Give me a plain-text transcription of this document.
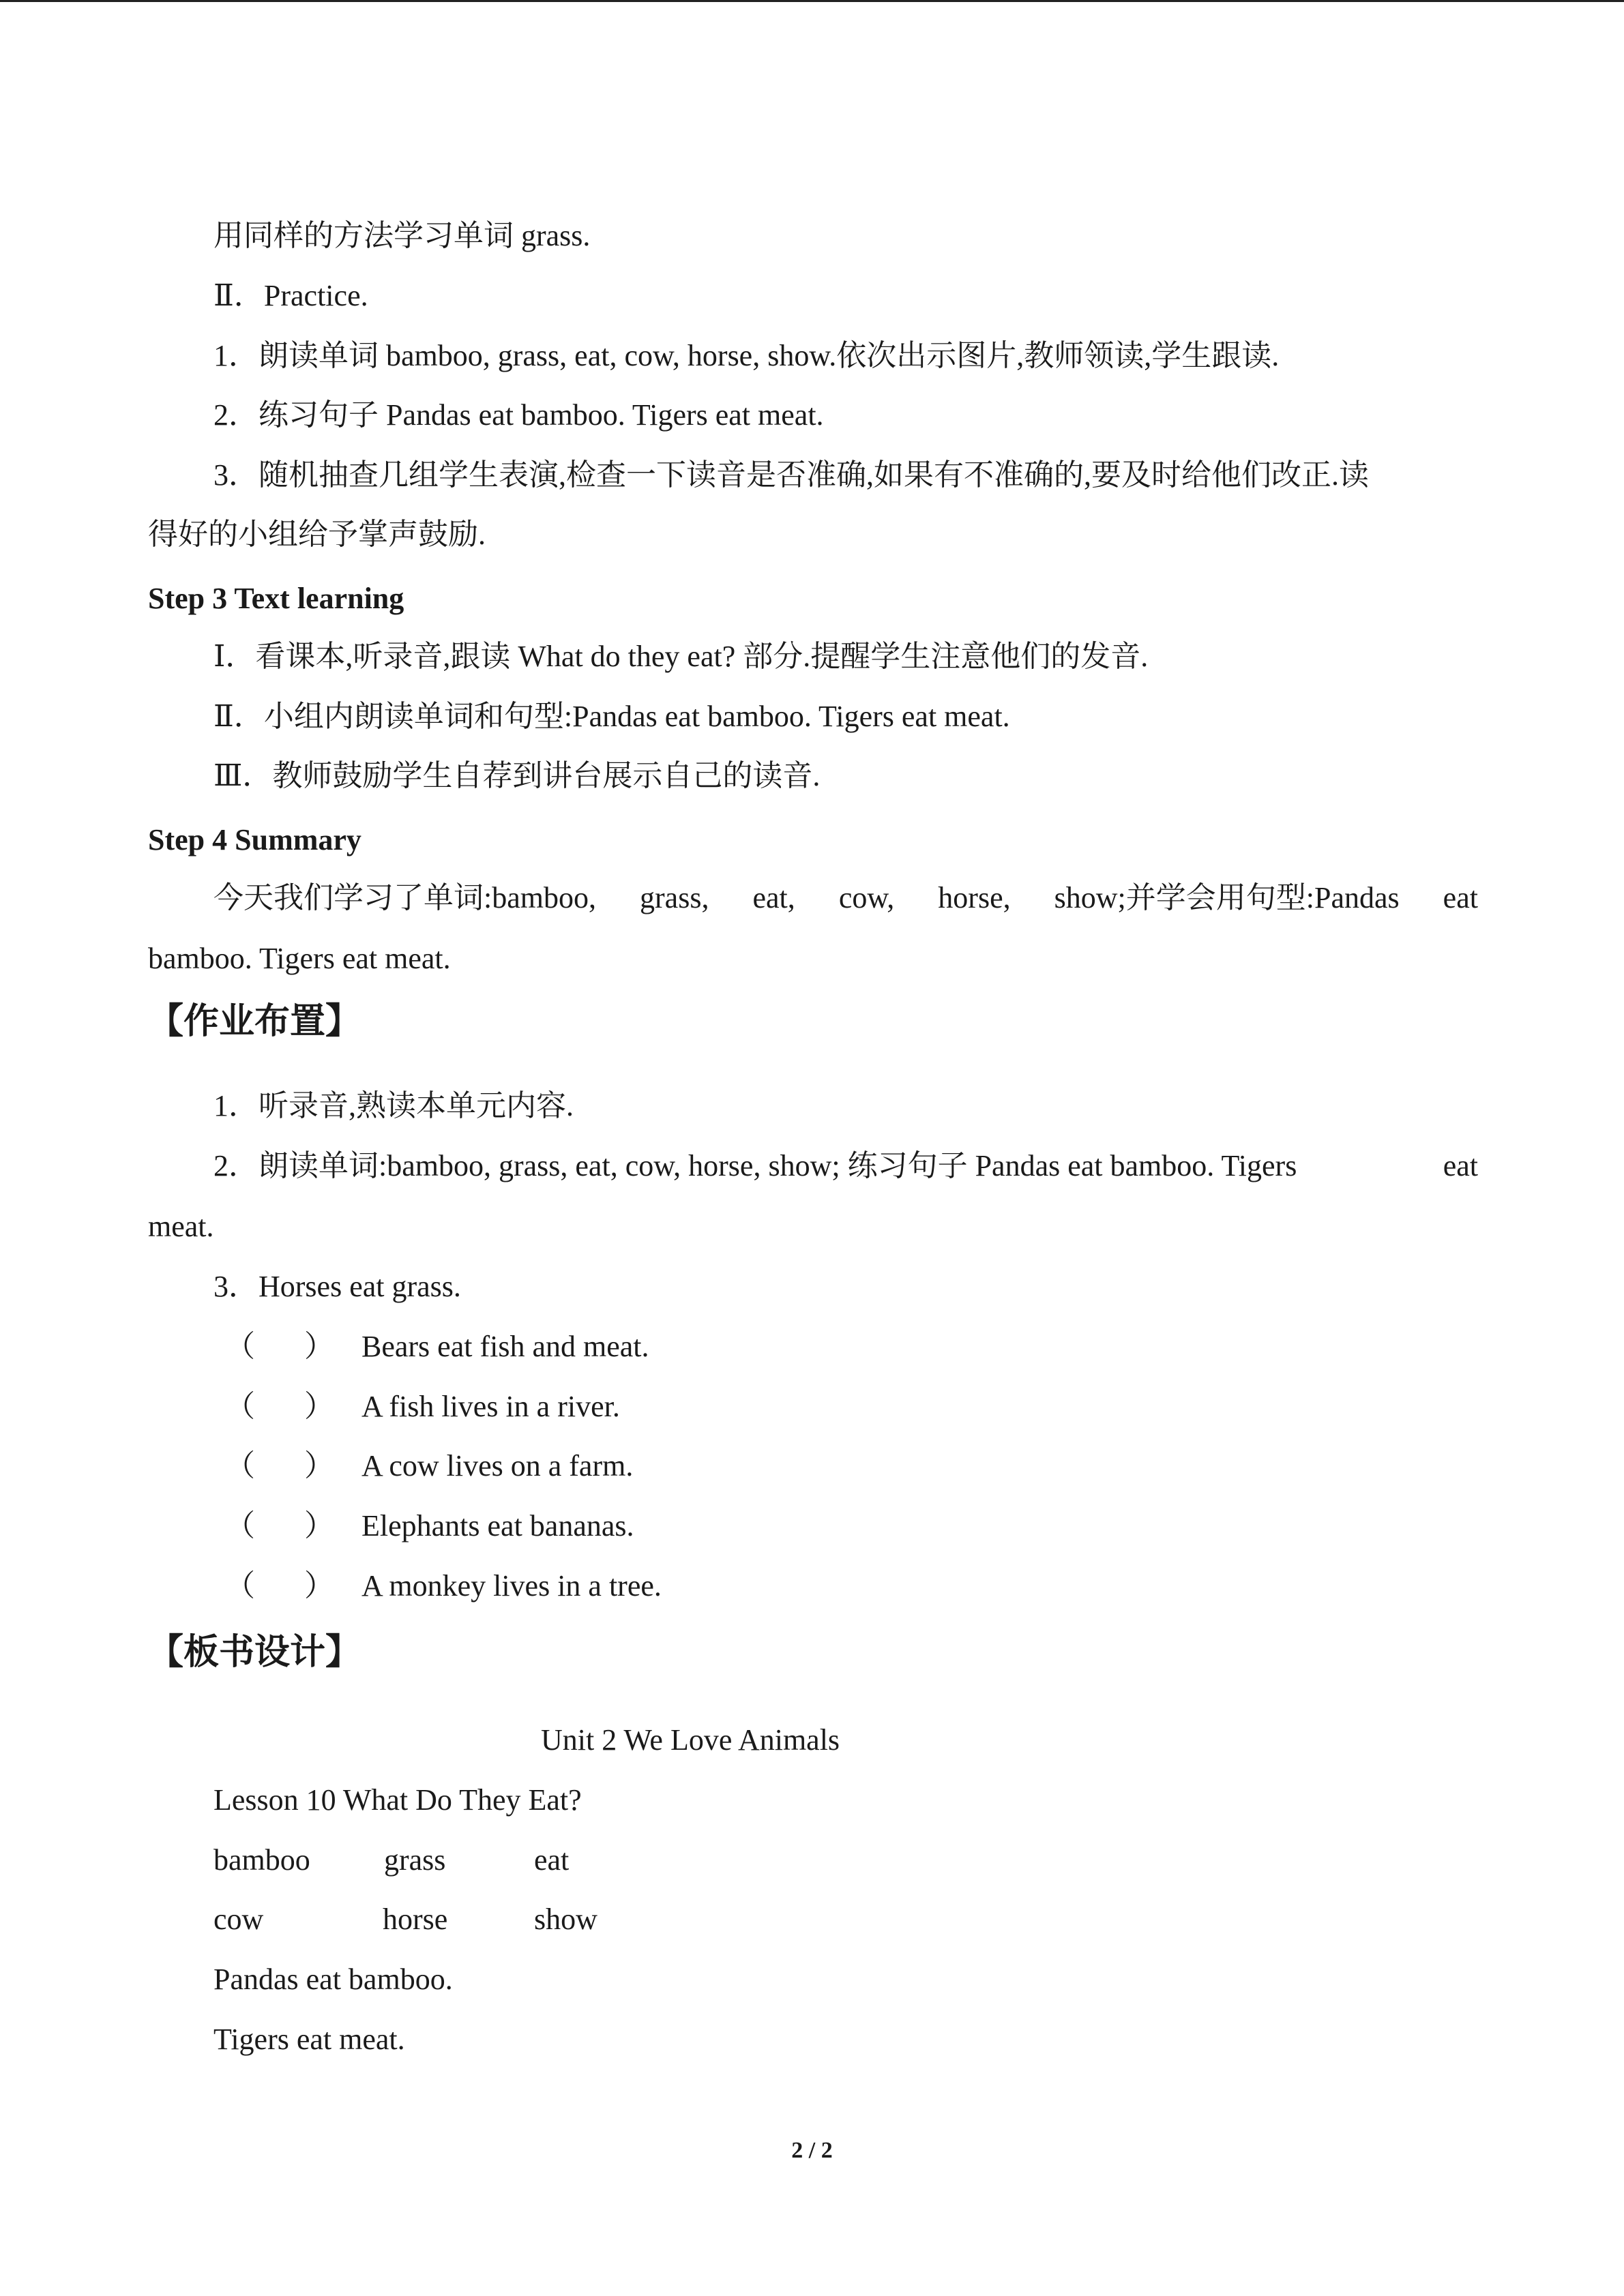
用同样的方法学习单词 grass.
Ⅱ．Practice.
1．朗读单词 bamboo, grass, eat, cow, horse, show.依次出示图片,教师领读,学生跟读.
2．练习句子 Pandas eat bamboo. Tigers eat meat.
3．随机抽查几组学生表演,检查一下读音是否准确,如果有不准确的,要及时给他们改正.读
得好的小组给予掌声鼓励.
Step 3 Text learning
Ⅰ．看课本,听录音,跟读 What do they eat? 部分.提醒学生注意他们的发音.
Ⅱ．小组内朗读单词和句型:Pandas eat bamboo. Tigers eat meat.
Ⅲ．教师鼓励学生自荐到讲台展示自己的读音.
Step 4 Summary
今天我们学习了单词:bamboo, grass, eat, cow, horse, show;并学会用句型:Pandas eat
bamboo. Tigers eat meat.
【作业布置】
1．听录音,熟读本单元内容.
2．朗读单词:bamboo, grass, eat, cow, horse, show; 练习句子 Pandas eat bamboo. Tigers	eat
meat.
3．Horses eat grass.
（ ） Bears eat fish and meat.
（ ） A fish lives in a river.
（ ） A cow lives on a farm.
（ ） Elephants eat bananas.
（ ） A monkey lives in a tree.
【板书设计】
Unit 2 We Love Animals
Lesson 10 What Do They Eat?
bamboo grass	eat
cow	horse	show
Pandas eat bamboo.
Tigers eat meat.
2 / 2
